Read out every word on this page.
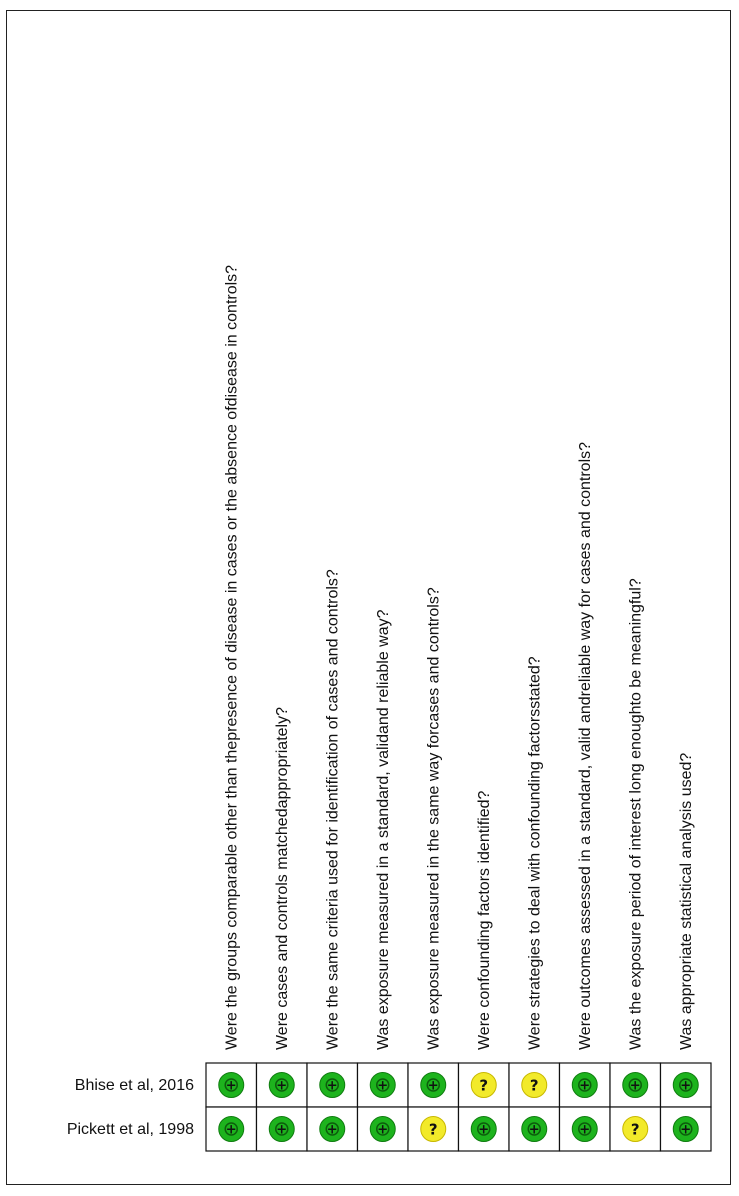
Were the groups comparable other than thepresence of disease in cases or the absence ofdisease in controls? Were cases and controls matchedappropriately? Were the same criteria used for identification of cases and controls? Was exposure measured in a standard, validand reliable way? Was exposure measured in the same way forcases and controls? Were confounding factors identified? Were strategies to deal with confounding factorsstated? Were outcomes assessed in a standard, valid andreliable way for cases and controls? Was the exposure period of interest long enoughto be meaningful? Was appropriate statistical analysis used?
Bhise et al, 2016 +	+	+	+	+	?	?	+	+	+
Pickett et al, 1998 +	+	+	+	?	+	+	+	?	+
